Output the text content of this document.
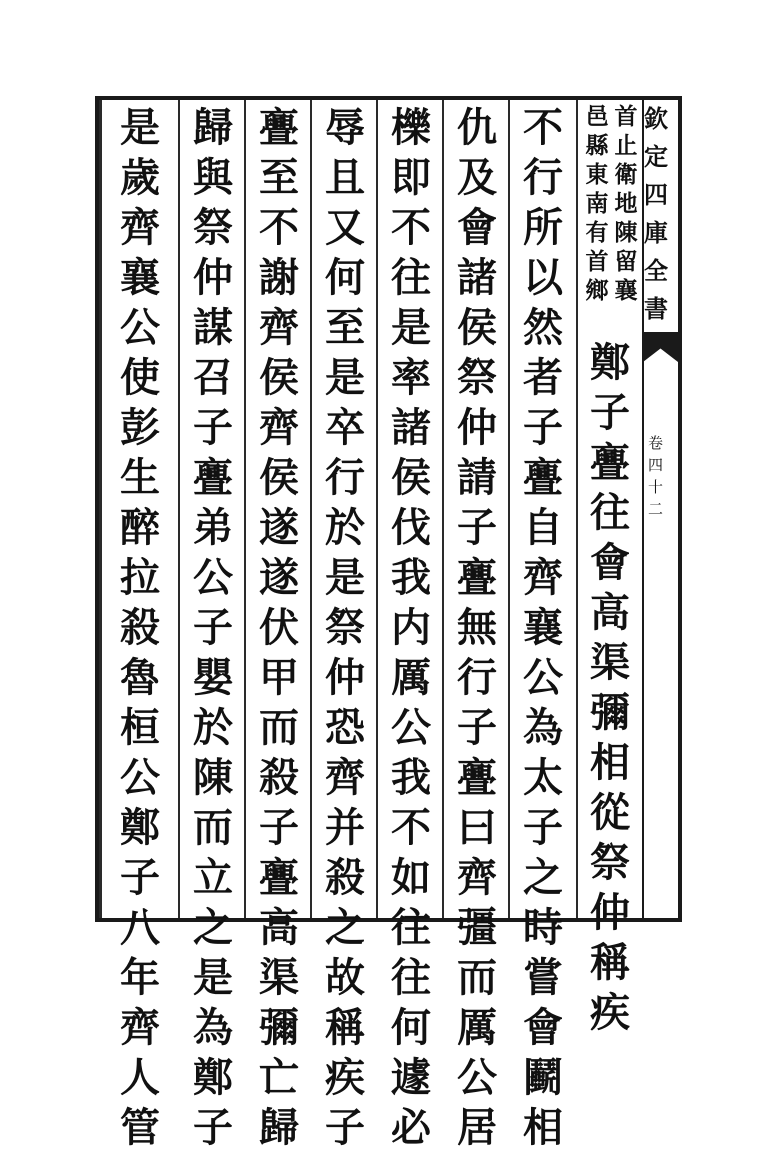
欽定四庫全書
卷四十二
首
止
衛
地
陳
留
襄
邑
縣
東
南
有
首
鄉
鄭
子
亹
往
會
高
渠
彌
相
從
祭
仲
稱
疾
不
行
所
以
然
者
子
亹
自
齊
襄
公
為
太
子
之
時
嘗
會
鬬
相
仇
及
會
諸
侯
祭
仲
請
子
亹
無
行
子
亹
曰
齊
彊
而
厲
公
居
櫟
即
不
往
是
率
諸
侯
伐
我
内
厲
公
我
不
如
往
往
何
遽
必
辱
且
又
何
至
是
卒
行
於
是
祭
仲
恐
齊
并
殺
之
故
稱
疾
子
亹
至
不
謝
齊
侯
齊
侯
遂
遂
伏
甲
而
殺
子
亹
高
渠
彌
亡
歸
歸
與
祭
仲
謀
召
子
亹
弟
公
子
嬰
於
陳
而
立
之
是
為
鄭
子
是
歲
齊
襄
公
使
彭
生
醉
拉
殺
魯
桓
公
鄭
子
八
年
齊
人
管
